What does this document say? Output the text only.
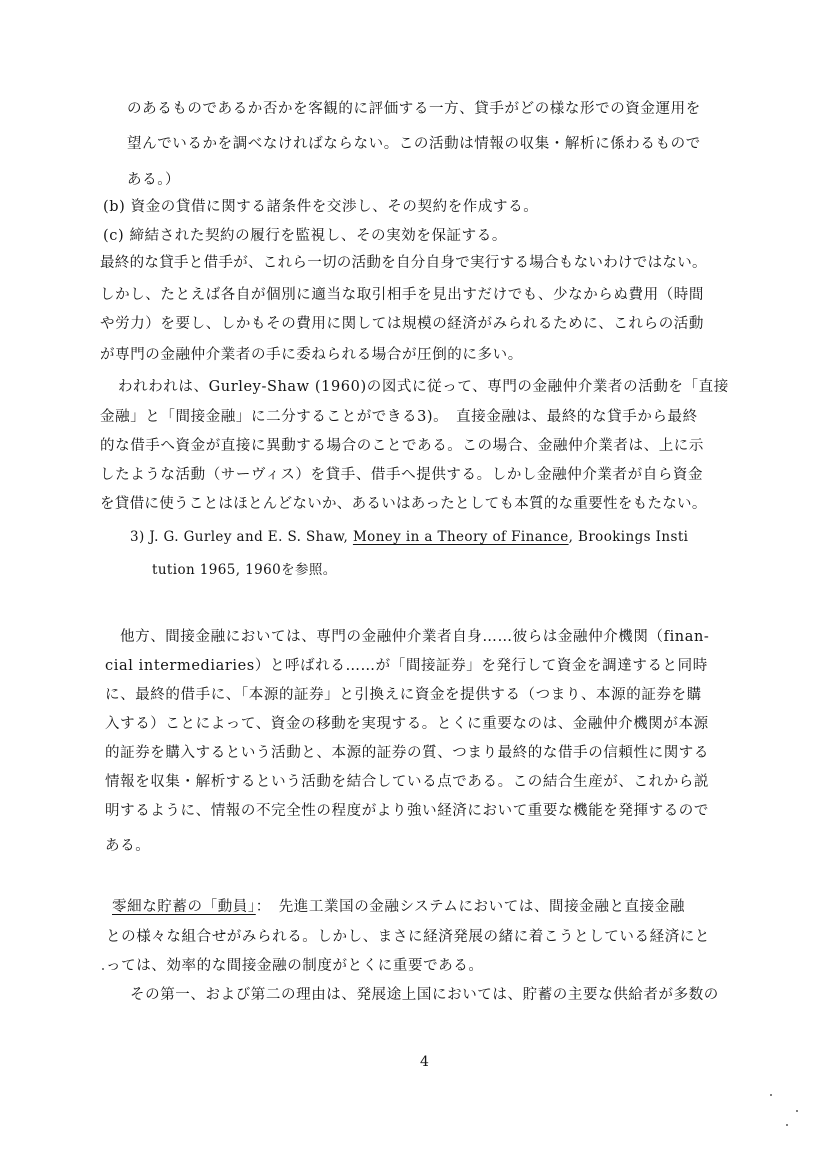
のあるものであるか否かを客観的に評価する一方、貸手がどの様な形での資金運用を
望んでいるかを調べなければならない。この活動は情報の収集・解析に係わるもので
ある。）
(b) 資金の貸借に関する諸条件を交渉し、その契約を作成する。
(c) 締結された契約の履行を監視し、その実効を保証する。
最終的な貸手と借手が、これら一切の活動を自分自身で実行する場合もないわけではない。
しかし、たとえば各自が個別に適当な取引相手を見出すだけでも、少なからぬ費用（時間
や労力）を要し、しかもその費用に関しては規模の経済がみられるために、これらの活動
が専門の金融仲介業者の手に委ねられる場合が圧倒的に多い。
われわれは、Gurley-Shaw (1960)の図式に従って、専門の金融仲介業者の活動を「直接
金融」と「間接金融」に二分することができる3)。　直接金融は、最終的な貸手から最終
的な借手へ資金が直接に異動する場合のことである。この場合、金融仲介業者は、上に示
したような活動（サーヴィス）を貸手、借手へ提供する。しかし金融仲介業者が自ら資金
を貸借に使うことはほとんどないか、あるいはあったとしても本質的な重要性をもたない。
3) J. G. Gurley and E. S. Shaw, Money in a Theory of Finance, Brookings Insti
tution 1965, 1960を参照。
他方、間接金融においては、専門の金融仲介業者自身……彼らは金融仲介機関（finan-
cial intermediaries）と呼ばれる……が「間接証券」を発行して資金を調達すると同時
に、最終的借手に、「本源的証券」と引換えに資金を提供する（つまり、本源的証券を購
入する）ことによって、資金の移動を実現する。とくに重要なのは、金融仲介機関が本源
的証券を購入するという活動と、本源的証券の質、つまり最終的な借手の信頼性に関する
情報を収集・解析するという活動を結合している点である。この結合生産が、これから説
明するように、情報の不完全性の程度がより強い経済において重要な機能を発揮するので
ある。
零細な貯蓄の「動員」：　先進工業国の金融システムにおいては、間接金融と直接金融
との様々な組合せがみられる。しかし、まさに経済発展の緒に着こうとしている経済にと
っては、効率的な間接金融の制度がとくに重要である。
その第一、および第二の理由は、発展途上国においては、貯蓄の主要な供給者が多数の
4
